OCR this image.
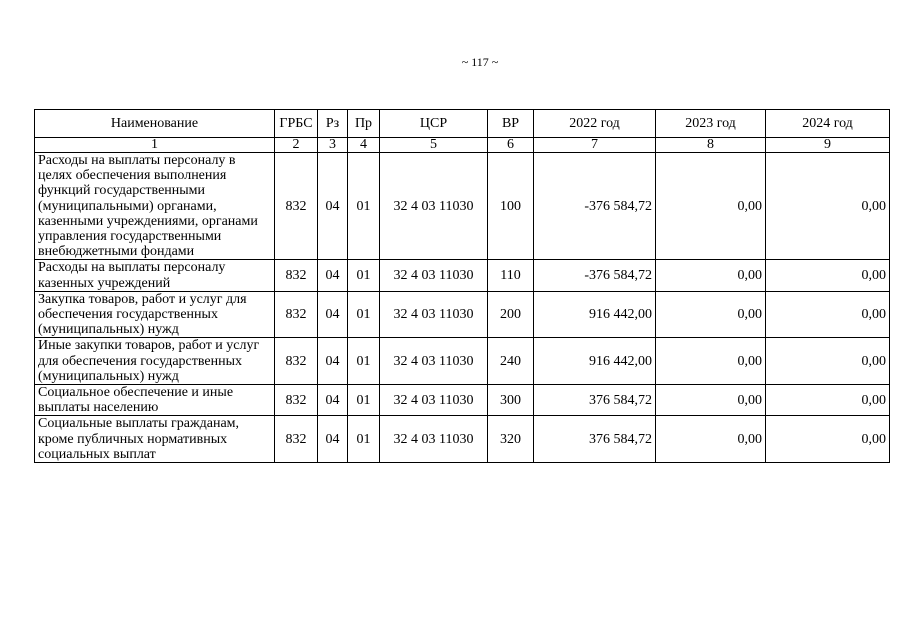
~ 117 ~
Наименование	ГРБС	Рз	Пр	ЦСР	ВР	2022 год	2023 год	2024 год
1	2	3	4	5	6	7	8	9
Расходы на выплаты персоналу в целях обеспечения выполнения функций государственными (муниципальными) органами, казенными учреждениями, органами управления государственными внебюджетными фондами	832	04	01	32 4 03 11030	100	-376 584,72	0,00	0,00
Расходы на выплаты персоналу казенных учреждений	832	04	01	32 4 03 11030	110	-376 584,72	0,00	0,00
Закупка товаров, работ и услуг для обеспечения государственных (муниципальных) нужд	832	04	01	32 4 03 11030	200	916 442,00	0,00	0,00
Иные закупки товаров, работ и услуг для обеспечения государственных (муниципальных) нужд	832	04	01	32 4 03 11030	240	916 442,00	0,00	0,00
Социальное обеспечение и иные выплаты населению	832	04	01	32 4 03 11030	300	376 584,72	0,00	0,00
Социальные выплаты гражданам, кроме публичных нормативных социальных выплат	832	04	01	32 4 03 11030	320	376 584,72	0,00	0,00
